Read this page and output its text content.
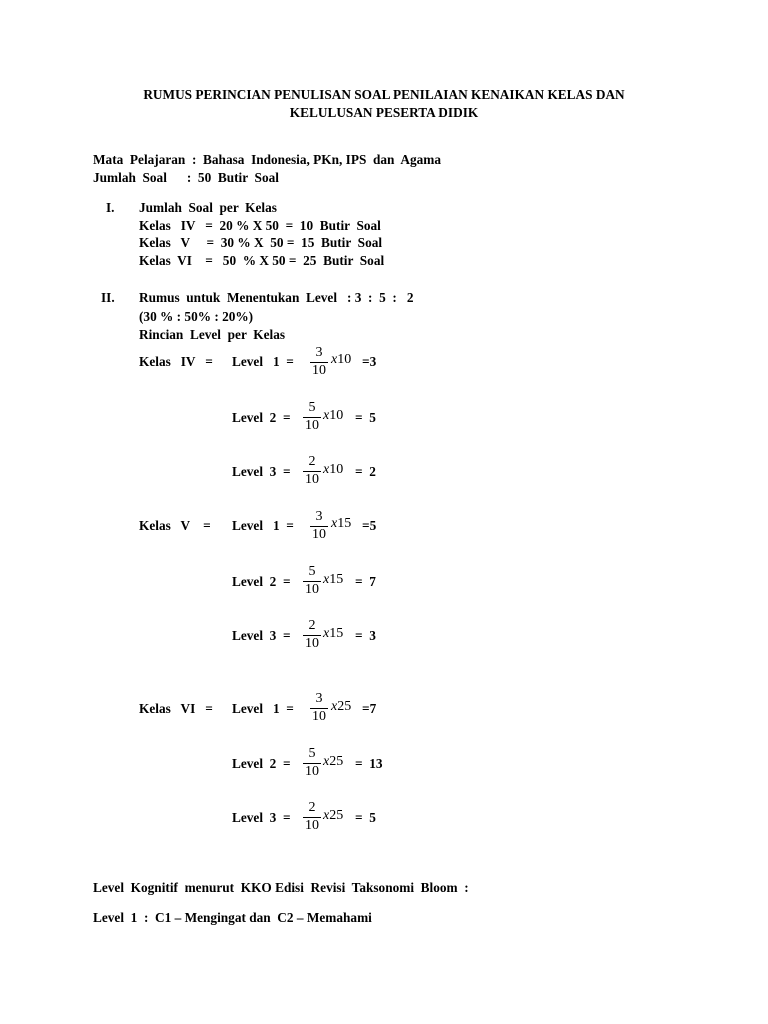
RUMUS PERINCIAN PENULISAN SOAL PENILAIAN KENAIKAN KELAS DAN
KELULUSAN PESERTA DIDIK
Mata  Pelajaran  :  Bahasa  Indonesia, PKn, IPS  dan  Agama
Jumlah  Soal      :  50  Butir  Soal
I. Jumlah  Soal  per  Kelas
Kelas   IV   =  20 % X 50  =  10  Butir  Soal
Kelas   V     =  30 % X  50 =  15  Butir  Soal
Kelas  VI    =   50  % X 50 =  25  Butir  Soal
II. Rumus  untuk  Menentukan  Level   : 3  :  5  :   2
(30 % : 50% : 20%)
Rincian  Level  per  Kelas
Kelas   IV   = Level   1  =
3
10
x10 =3
Level  2  =
5
10
x10 =  5
Level  3  =
2
10
x10 =  2
Kelas   V    = Level   1  =
3
10
x15 =5
Level  2  =
5
10
x15 =  7
Level  3  =
2
10
x15 =  3
Kelas   VI   = Level   1  =
3
10
x25 =7
Level  2  =
5
10
x25 =  13
Level  3  =
2
10
x25 =  5
Level  Kognitif  menurut  KKO Edisi  Revisi  Taksonomi  Bloom  :
Level  1  :  C1 – Mengingat dan  C2 – Memahami
